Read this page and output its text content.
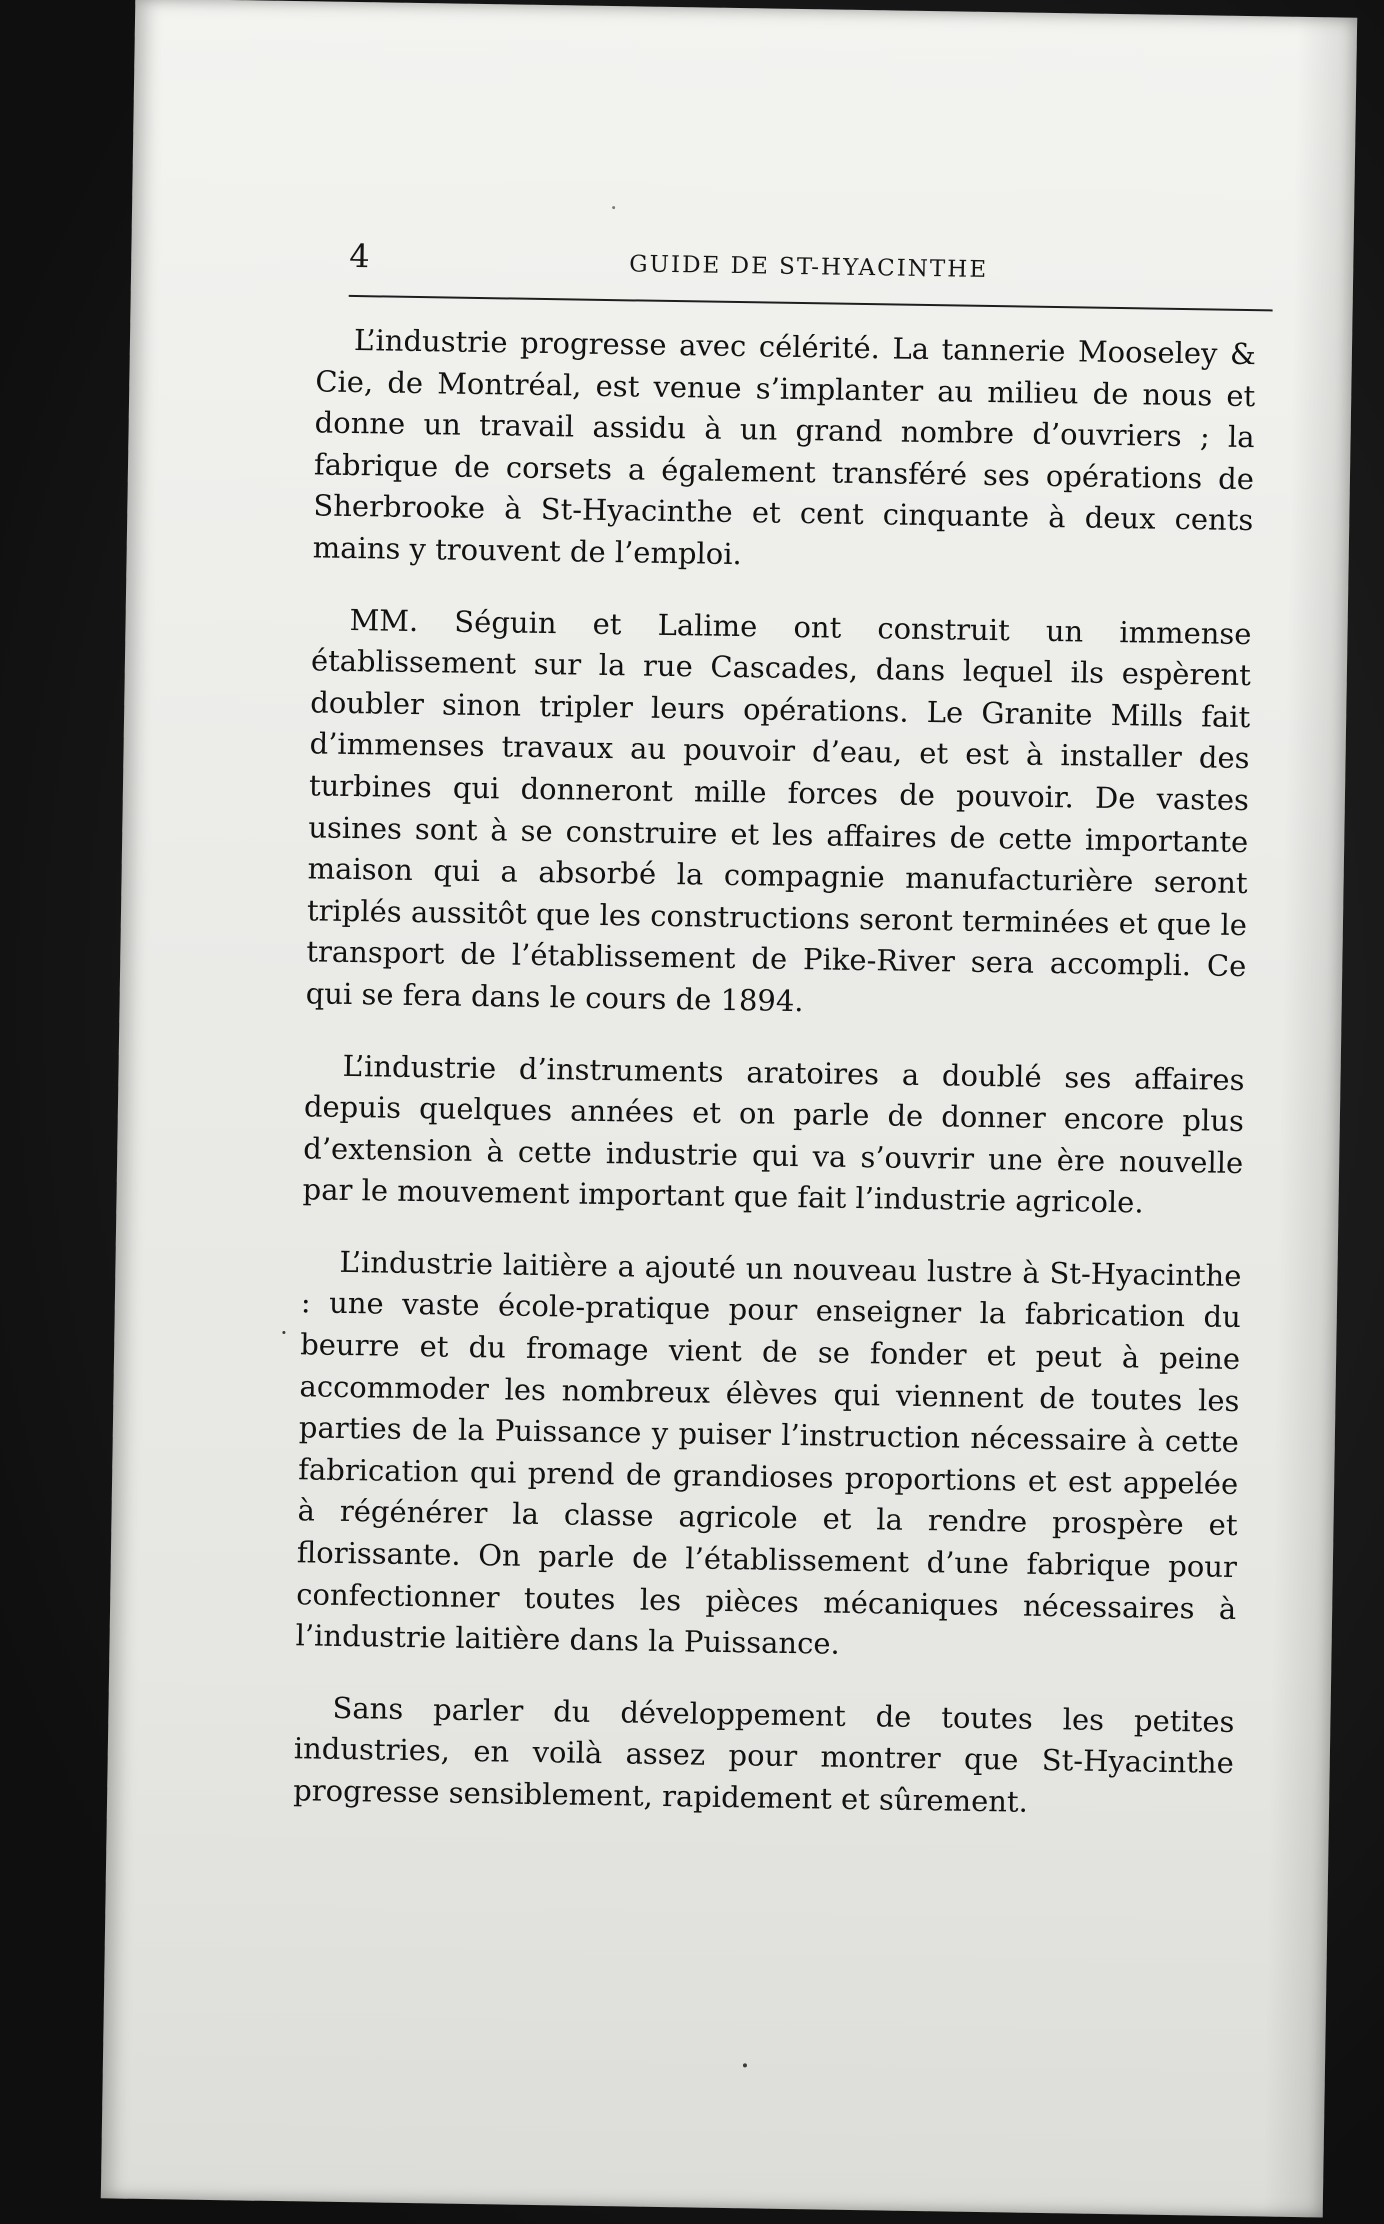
4	GUIDE DE ST-HYACINTHE

L’industrie progresse avec célérité. La tannerie Mooseley & Cie, de Montréal, est venue s’implanter au milieu de nous et donne un travail assidu à un grand nombre d’ouvriers ; la fabrique de corsets a également transféré ses opérations de Sherbrooke à St-Hyacinthe et cent cinquante à deux cents mains y trouvent de l’emploi.

MM. Séguin et Lalime ont construit un immense établissement sur la rue Cascades, dans lequel ils espèrent doubler sinon tripler leurs opérations. Le Granite Mills fait d’immenses travaux au pouvoir d’eau, et est à installer des turbines qui donneront mille forces de pouvoir. De vastes usines sont à se construire et les affaires de cette importante maison qui a absorbé la compagnie manufacturière seront triplés aussitôt que les constructions seront terminées et que le transport de l’établissement de Pike-River sera accompli. Ce qui se fera dans le cours de 1894.

L’industrie d’instruments aratoires a doublé ses affaires depuis quelques années et on parle de donner encore plus d’extension à cette industrie qui va s’ouvrir une ère nouvelle par le mouvement important que fait l’industrie agricole.

L’industrie laitière a ajouté un nouveau lustre à St-Hyacinthe : une vaste école-pratique pour enseigner la fabrication du beurre et du fromage vient de se fonder et peut à peine accommoder les nombreux élèves qui viennent de toutes les parties de la Puissance y puiser l’instruction nécessaire à cette fabrication qui prend de grandioses proportions et est appelée à régénérer la classe agricole et la rendre prospère et florissante. On parle de l’établissement d’une fabrique pour confectionner toutes les pièces mécaniques nécessaires à l’industrie laitière dans la Puissance.

Sans parler du développement de toutes les petites industries, en voilà assez pour montrer que St-Hyacinthe progresse sensiblement, rapidement et sûrement.
